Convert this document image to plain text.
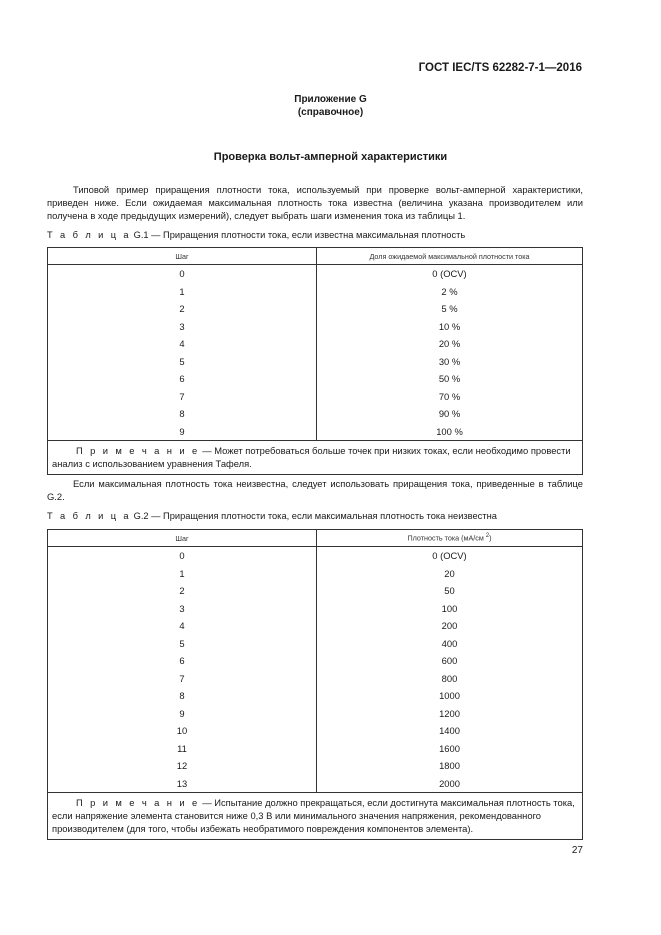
ГОСТ IEC/TS 62282-7-1—2016
Приложение G
(справочное)
Проверка вольт-амперной характеристики
Типовой пример приращения плотности тока, используемый при проверке вольт-амперной характеристики, приведен ниже. Если ожидаемая максимальная плотность тока известна (величина указана производителем или получена в ходе предыдущих измерений), следует выбрать шаги изменения тока из таблицы 1.
Т а б л и ц а G.1 — Приращения плотности тока, если известна максимальная плотность
Шаг	Доля ожидаемой максимальной плотности тока
0	0 (OCV)
1	2 %
2	5 %
3	10 %
4	20 %
5	30 %
6	50 %
7	70 %
8	90 %
9	100 %
П р и м е ч а н и е — Может потребоваться больше точек при низких токах, если необходимо провести анализ с использованием уравнения Тафеля.	
Если максимальная плотность тока неизвестна, следует использовать приращения тока, приведенные в таблице G.2.
Т а б л и ц а G.2 — Приращения плотности тока, если максимальная плотность тока неизвестна
Шаг	Плотность тока (мА/см $^2$)
0	0 (OCV)
1	20
2	50
3	100
4	200
5	400
6	600
7	800
8	1000
9	1200
10	1400
11	1600
12	1800
13	2000
П р и м е ч а н и е — Испытание должно прекращаться, если достигнута максимальная плотность тока, если напряжение элемента становится ниже 0,3 В или минимального значения напряжения, рекомендованного производителем (для того, чтобы избежать необратимого повреждения компонентов элемента).	
27
